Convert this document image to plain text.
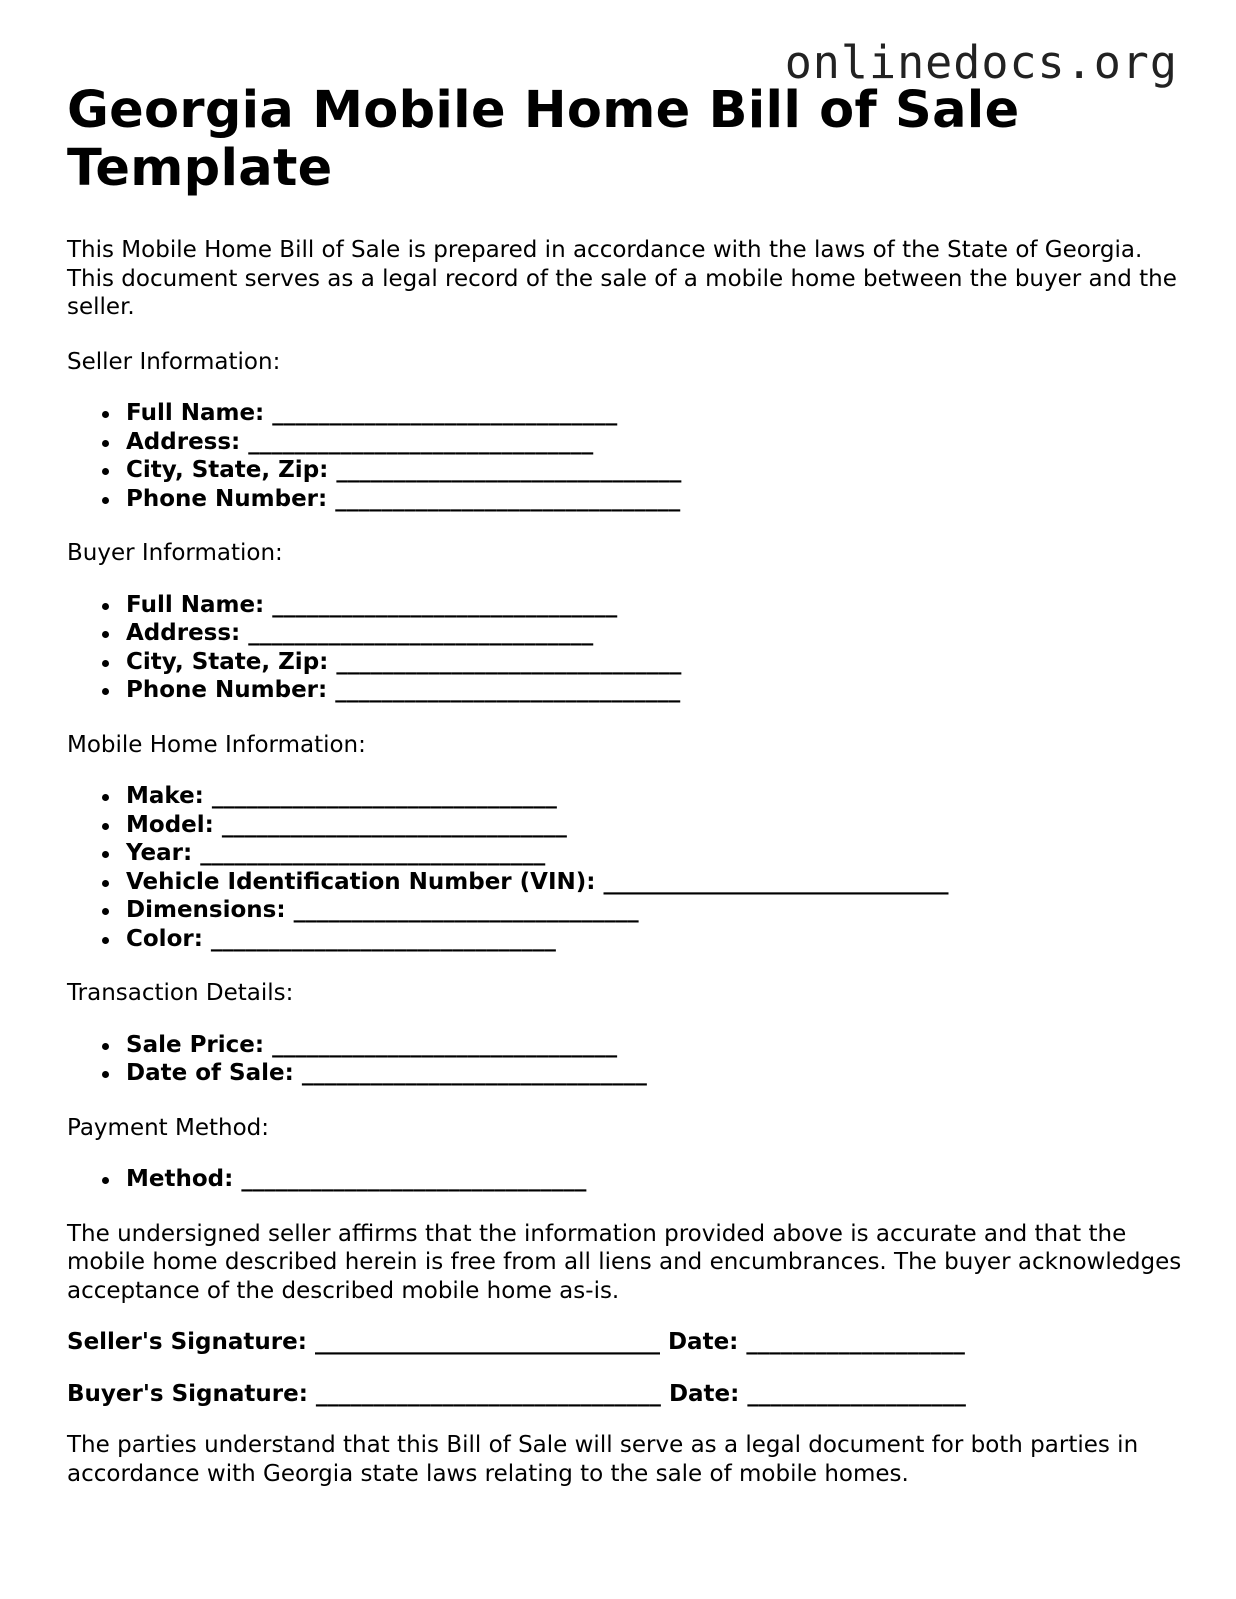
onlinedocs.org
Georgia Mobile Home Bill of Sale Template

This Mobile Home Bill of Sale is prepared in accordance with the laws of the State of Georgia. This document serves as a legal record of the sale of a mobile home between the buyer and the seller.

Seller Information:

Full Name: ______________________________
Address: ______________________________
City, State, Zip: ______________________________
Phone Number: ______________________________

Buyer Information:

Full Name: ______________________________
Address: ______________________________
City, State, Zip: ______________________________
Phone Number: ______________________________

Mobile Home Information:

Make: ______________________________
Model: ______________________________
Year: ______________________________
Vehicle Identification Number (VIN): ______________________________
Dimensions: ______________________________
Color: ______________________________

Transaction Details:

Sale Price: ______________________________
Date of Sale: ______________________________

Payment Method:

Method: ______________________________

The undersigned seller affirms that the information provided above is accurate and that the mobile home described herein is free from all liens and encumbrances. The buyer acknowledges acceptance of the described mobile home as-is.

Seller's Signature: ______________________________ Date: ___________________
Buyer's Signature: ______________________________ Date: ___________________

The parties understand that this Bill of Sale will serve as a legal document for both parties in accordance with Georgia state laws relating to the sale of mobile homes.
